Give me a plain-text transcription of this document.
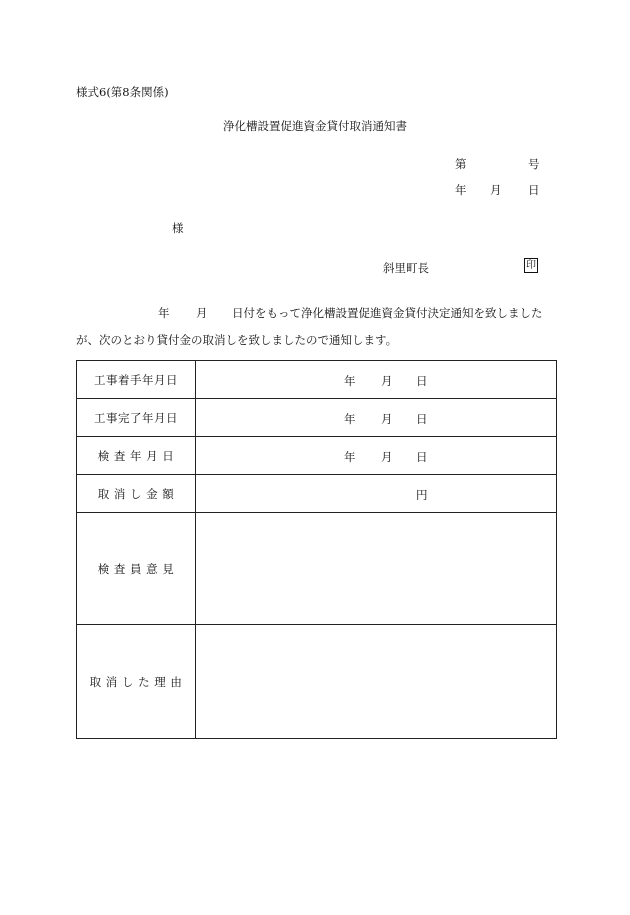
様式6(第8条関係)
浄化槽設置促進資金貸付取消通知書
第	号
年 月 日
様
斜里町長	印
年 月 日付をもって浄化槽設置促進資金貸付決定通知を致しました
が、次のとおり貸付金の取消しを致しましたので通知します。
工事着手年月日	年 月 日

工事完了年月日	年 月 日

検 査 年 月 日	年 月 日

取 消 し 金 額	円

検 査 員 意 見	
取 消 し た 理 由	
